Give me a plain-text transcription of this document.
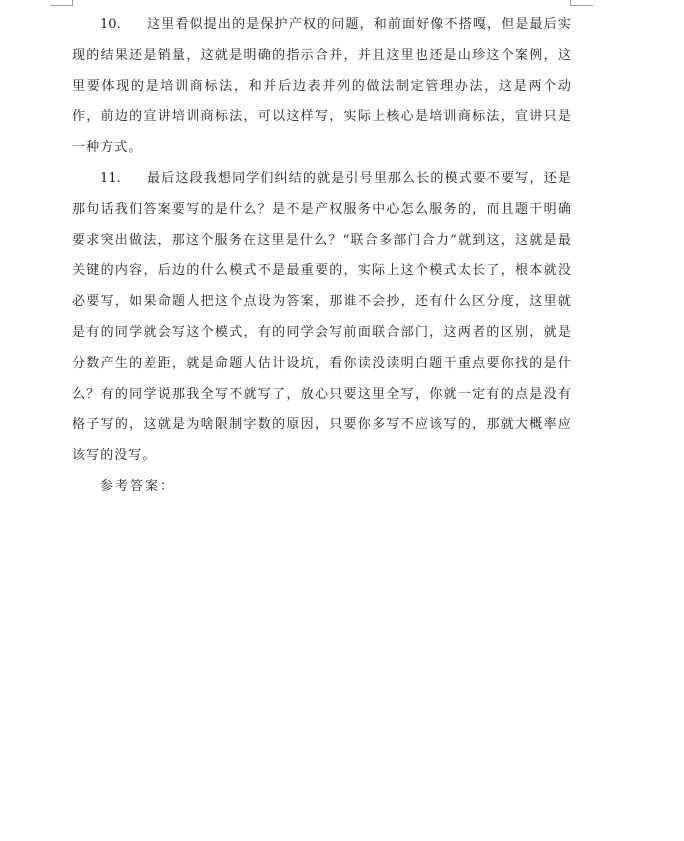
10. 这里看似提出的是保护产权的问题，和前面好像不搭嘎，但是最后实现的结果还是销量，这就是明确的指示合并，并且这里也还是山珍这个案例，这里要体现的是培训商标法，和并后边表并列的做法制定管理办法，这是两个动作，前边的宣讲培训商标法，可以这样写，实际上核心是培训商标法，宣讲只是一种方式。

11. 最后这段我想同学们纠结的就是引号里那么长的模式要不要写，还是那句话我们答案要写的是什么？是不是产权服务中心怎么服务的，而且题干明确要求突出做法，那这个服务在这里是什么？“联合多部门合力”就到这，这就是最关键的内容，后边的什么模式不是最重要的，实际上这个模式太长了，根本就没必要写，如果命题人把这个点设为答案，那谁不会抄，还有什么区分度，这里就是有的同学就会写这个模式，有的同学会写前面联合部门，这两者的区别，就是分数产生的差距，就是命题人估计设坑，看你读没读明白题干重点要你找的是什么？有的同学说那我全写不就写了，放心只要这里全写，你就一定有的点是没有格子写的，这就是为啥限制字数的原因，只要你多写不应该写的，那就大概率应该写的没写。

参考答案：
